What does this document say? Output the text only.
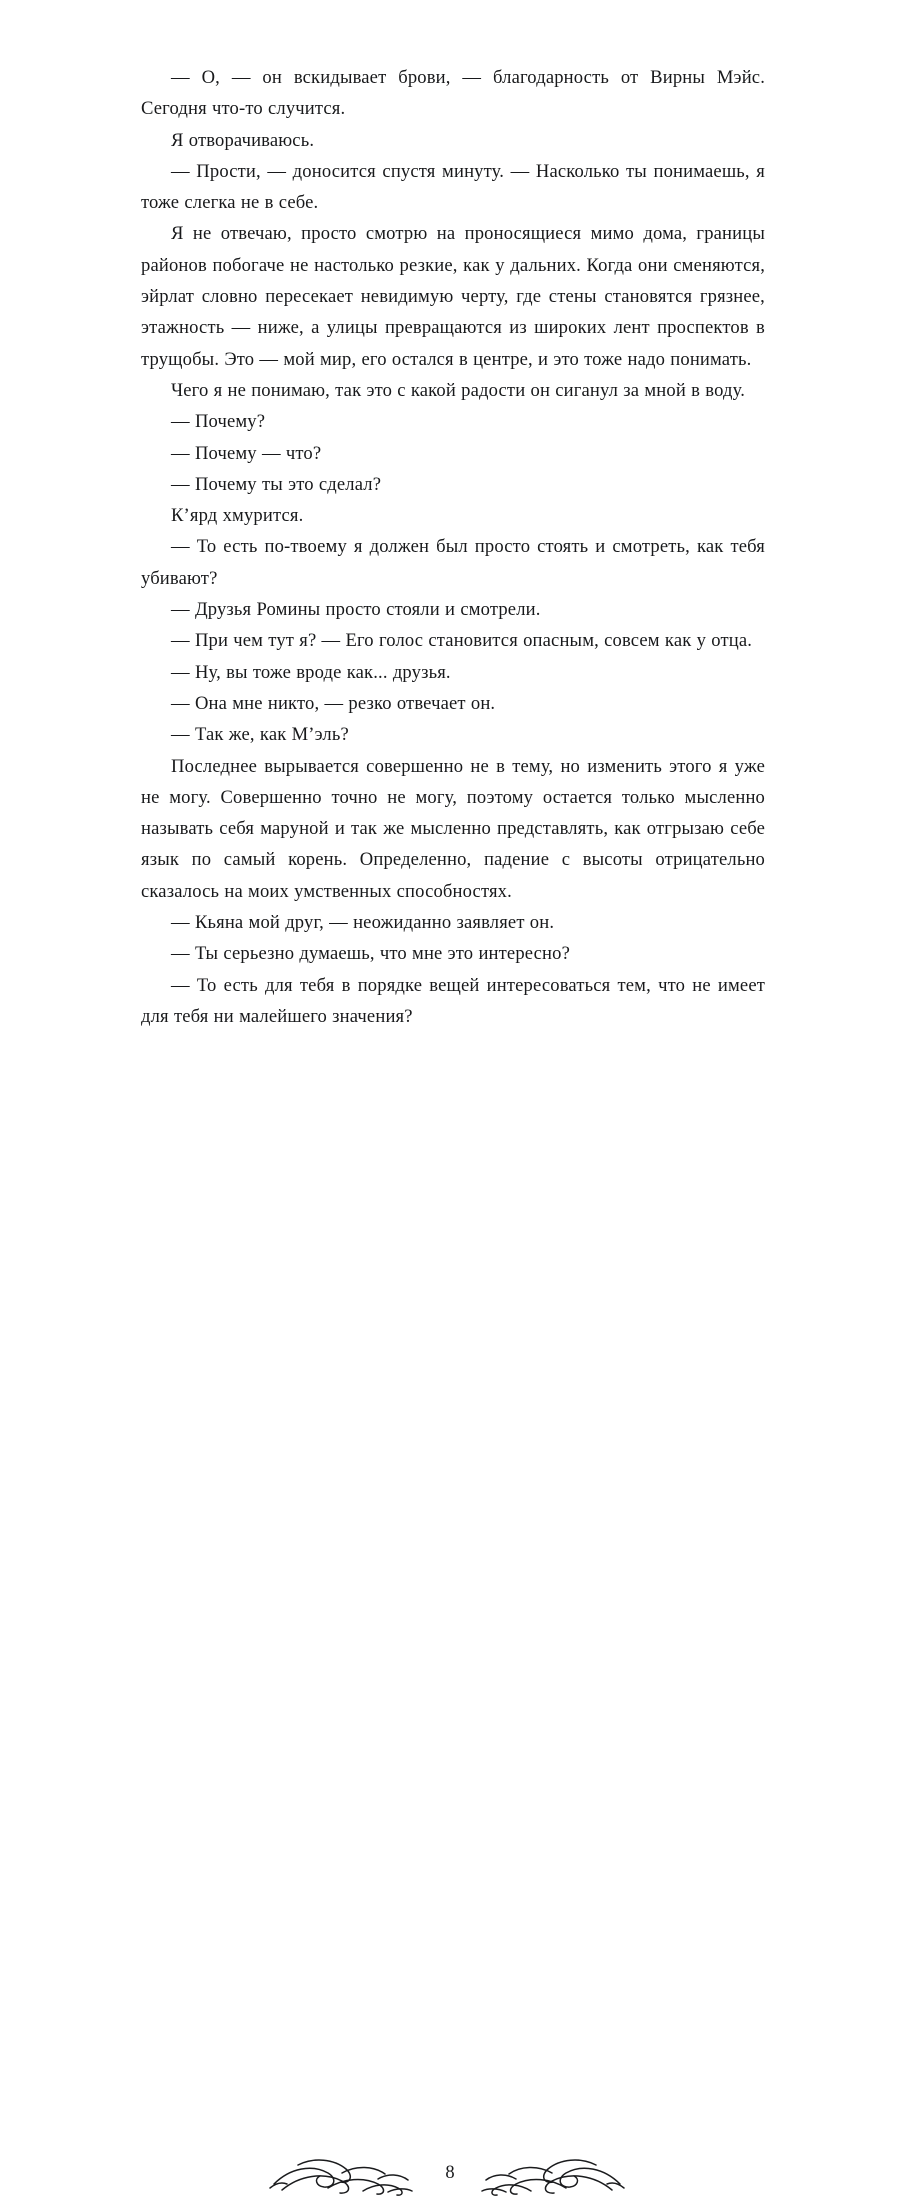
— О, — он вскидывает брови, — благодарность от Вирны Мэйс. Сегодня что-то случится.

Я отворачиваюсь.

— Прости, — доносится спустя минуту. — Насколько ты понимаешь, я тоже слегка не в себе.

Я не отвечаю, просто смотрю на проносящиеся мимо дома, границы районов побогаче не настолько резкие, как у дальних. Когда они сменяются, эйрлат словно пересекает невидимую черту, где стены становятся грязнее, этажность — ниже, а улицы превращаются из широких лент проспектов в трущобы. Это — мой мир, его остался в центре, и это тоже надо понимать.

Чего я не понимаю, так это с какой радости он сиганул за мной в воду.

— Почему?

— Почему — что?

— Почему ты это сделал?

К’ярд хмурится.

— То есть по-твоему я должен был просто стоять и смотреть, как тебя убивают?

— Друзья Ромины просто стояли и смотрели.

— При чем тут я? — Его голос становится опасным, совсем как у отца.

— Ну, вы тоже вроде как... друзья.

— Она мне никто, — резко отвечает он.

— Так же, как М’эль?

Последнее вырывается совершенно не в тему, но изменить этого я уже не могу. Совершенно точно не могу, поэтому остается только мысленно называть себя маруной и так же мысленно представлять, как отгрызаю себе язык по самый корень. Определенно, падение с высоты отрицательно сказалось на моих умственных способностях.

— Кьяна мой друг, — неожиданно заявляет он.

— Ты серьезно думаешь, что мне это интересно?

— То есть для тебя в порядке вещей интересоваться тем, что не имеет для тебя ни малейшего значения?

8
